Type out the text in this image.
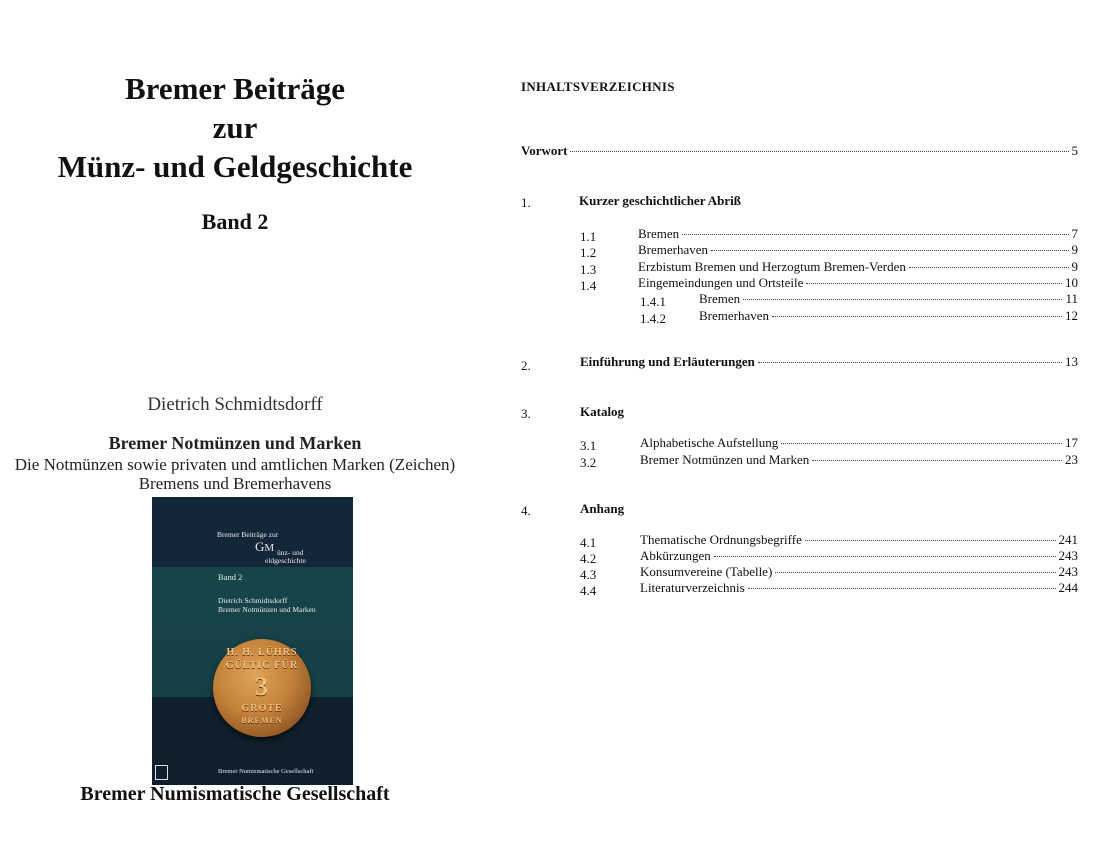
Bremer Beiträge
zur
Münz- und Geldgeschichte
Band 2
Dietrich Schmidtsdorff
Bremer Notmünzen und Marken
Die Notmünzen sowie privaten und amtlichen Marken (Zeichen)
Bremens und Bremerhavens
Bremer Beiträge zur
GM ünz- und
eldgeschichte
Band 2
Dietrich Schmidtsdorff
Bremer Notmünzen und Marken
H. H. LÜHRS
GÜLTIG FÜR
3
GROTE
BREMEN
Bremer Numismatische Gesellschaft
Bremer Numismatische Gesellschaft
INHALTSVERZEICHNIS
Vorwort	5
1.	Kurzer geschichtlicher Abriß
1.1	Bremen	7
1.2	Bremerhaven	9
1.3	Erzbistum Bremen und Herzogtum Bremen-Verden	9
1.4	Eingemeindungen und Ortsteile	10
1.4.1	Bremen	11
1.4.2	Bremerhaven	12
2.	Einführung und Erläuterungen	13
3.	Katalog
3.1	Alphabetische Aufstellung	17
3.2	Bremer Notmünzen und Marken	23
4.	Anhang
4.1	Thematische Ordnungsbegriffe	241
4.2	Abkürzungen	243
4.3	Konsumvereine (Tabelle)	243
4.4	Literaturverzeichnis	244
